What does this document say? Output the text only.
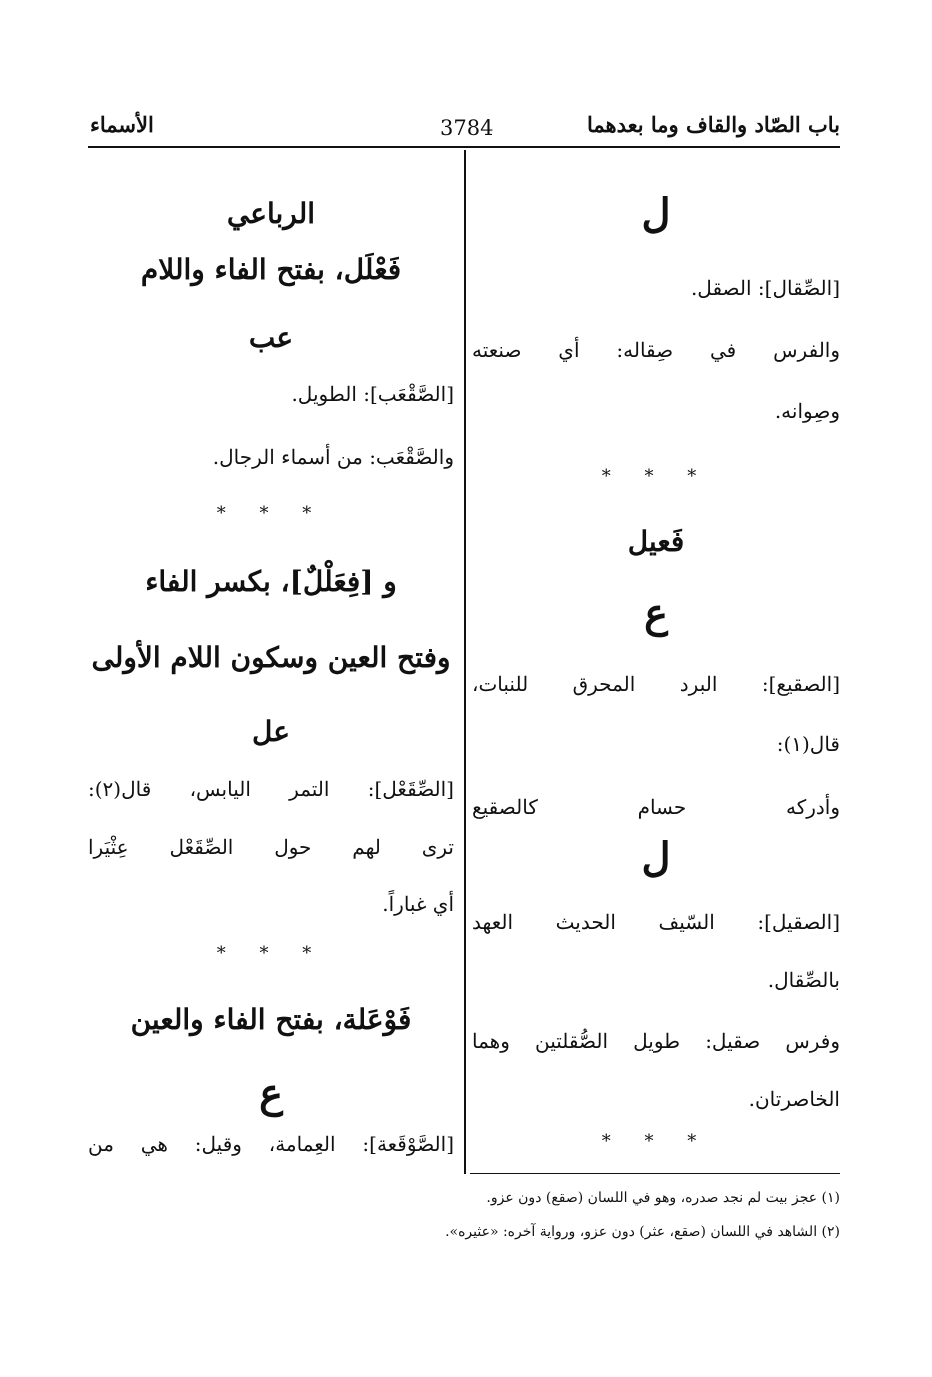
باب الصّاد والقاف وما بعدهما
3784
الأسماء
ل
[الصِّقال]: الصقل.
والفرس في صِقاله: أي صنعته
وصِوانه.
* * *
فَعيل
ع
[الصقيع]: البرد المحرق للنبات،
قال(١):
وأدركه حسام كالصقيع
ل
[الصقيل]: السّيف الحديث العهد
بالصِّقال.
وفرس صقيل: طويل الصُّقلتين وهما
الخاصرتان.
* * *
الرباعي
فَعْلَل، بفتح الفاء واللام
عب
[الصَّقْعَب]: الطويل.
والصَّقْعَب: من أسماء الرجال.
* * *
و [فِعَلْلٌ]، بكسر الفاء
وفتح العين وسكون اللام الأولى
عل
[الصِّقَعْل]: التمر اليابس، قال(٢):
ترى لهم حول الصِّقَعْل عِثْيَرا
أي غباراً.
* * *
فَوْعَلة، بفتح الفاء والعين
ع
[الصَّوْقَعة]: العِمامة، وقيل: هي من
(١) عجز بيت لم نجد صدره، وهو في اللسان (صقع) دون عزو.
(٢) الشاهد في اللسان (صقع، عثر) دون عزو، ورواية آخره: «عثيره».
